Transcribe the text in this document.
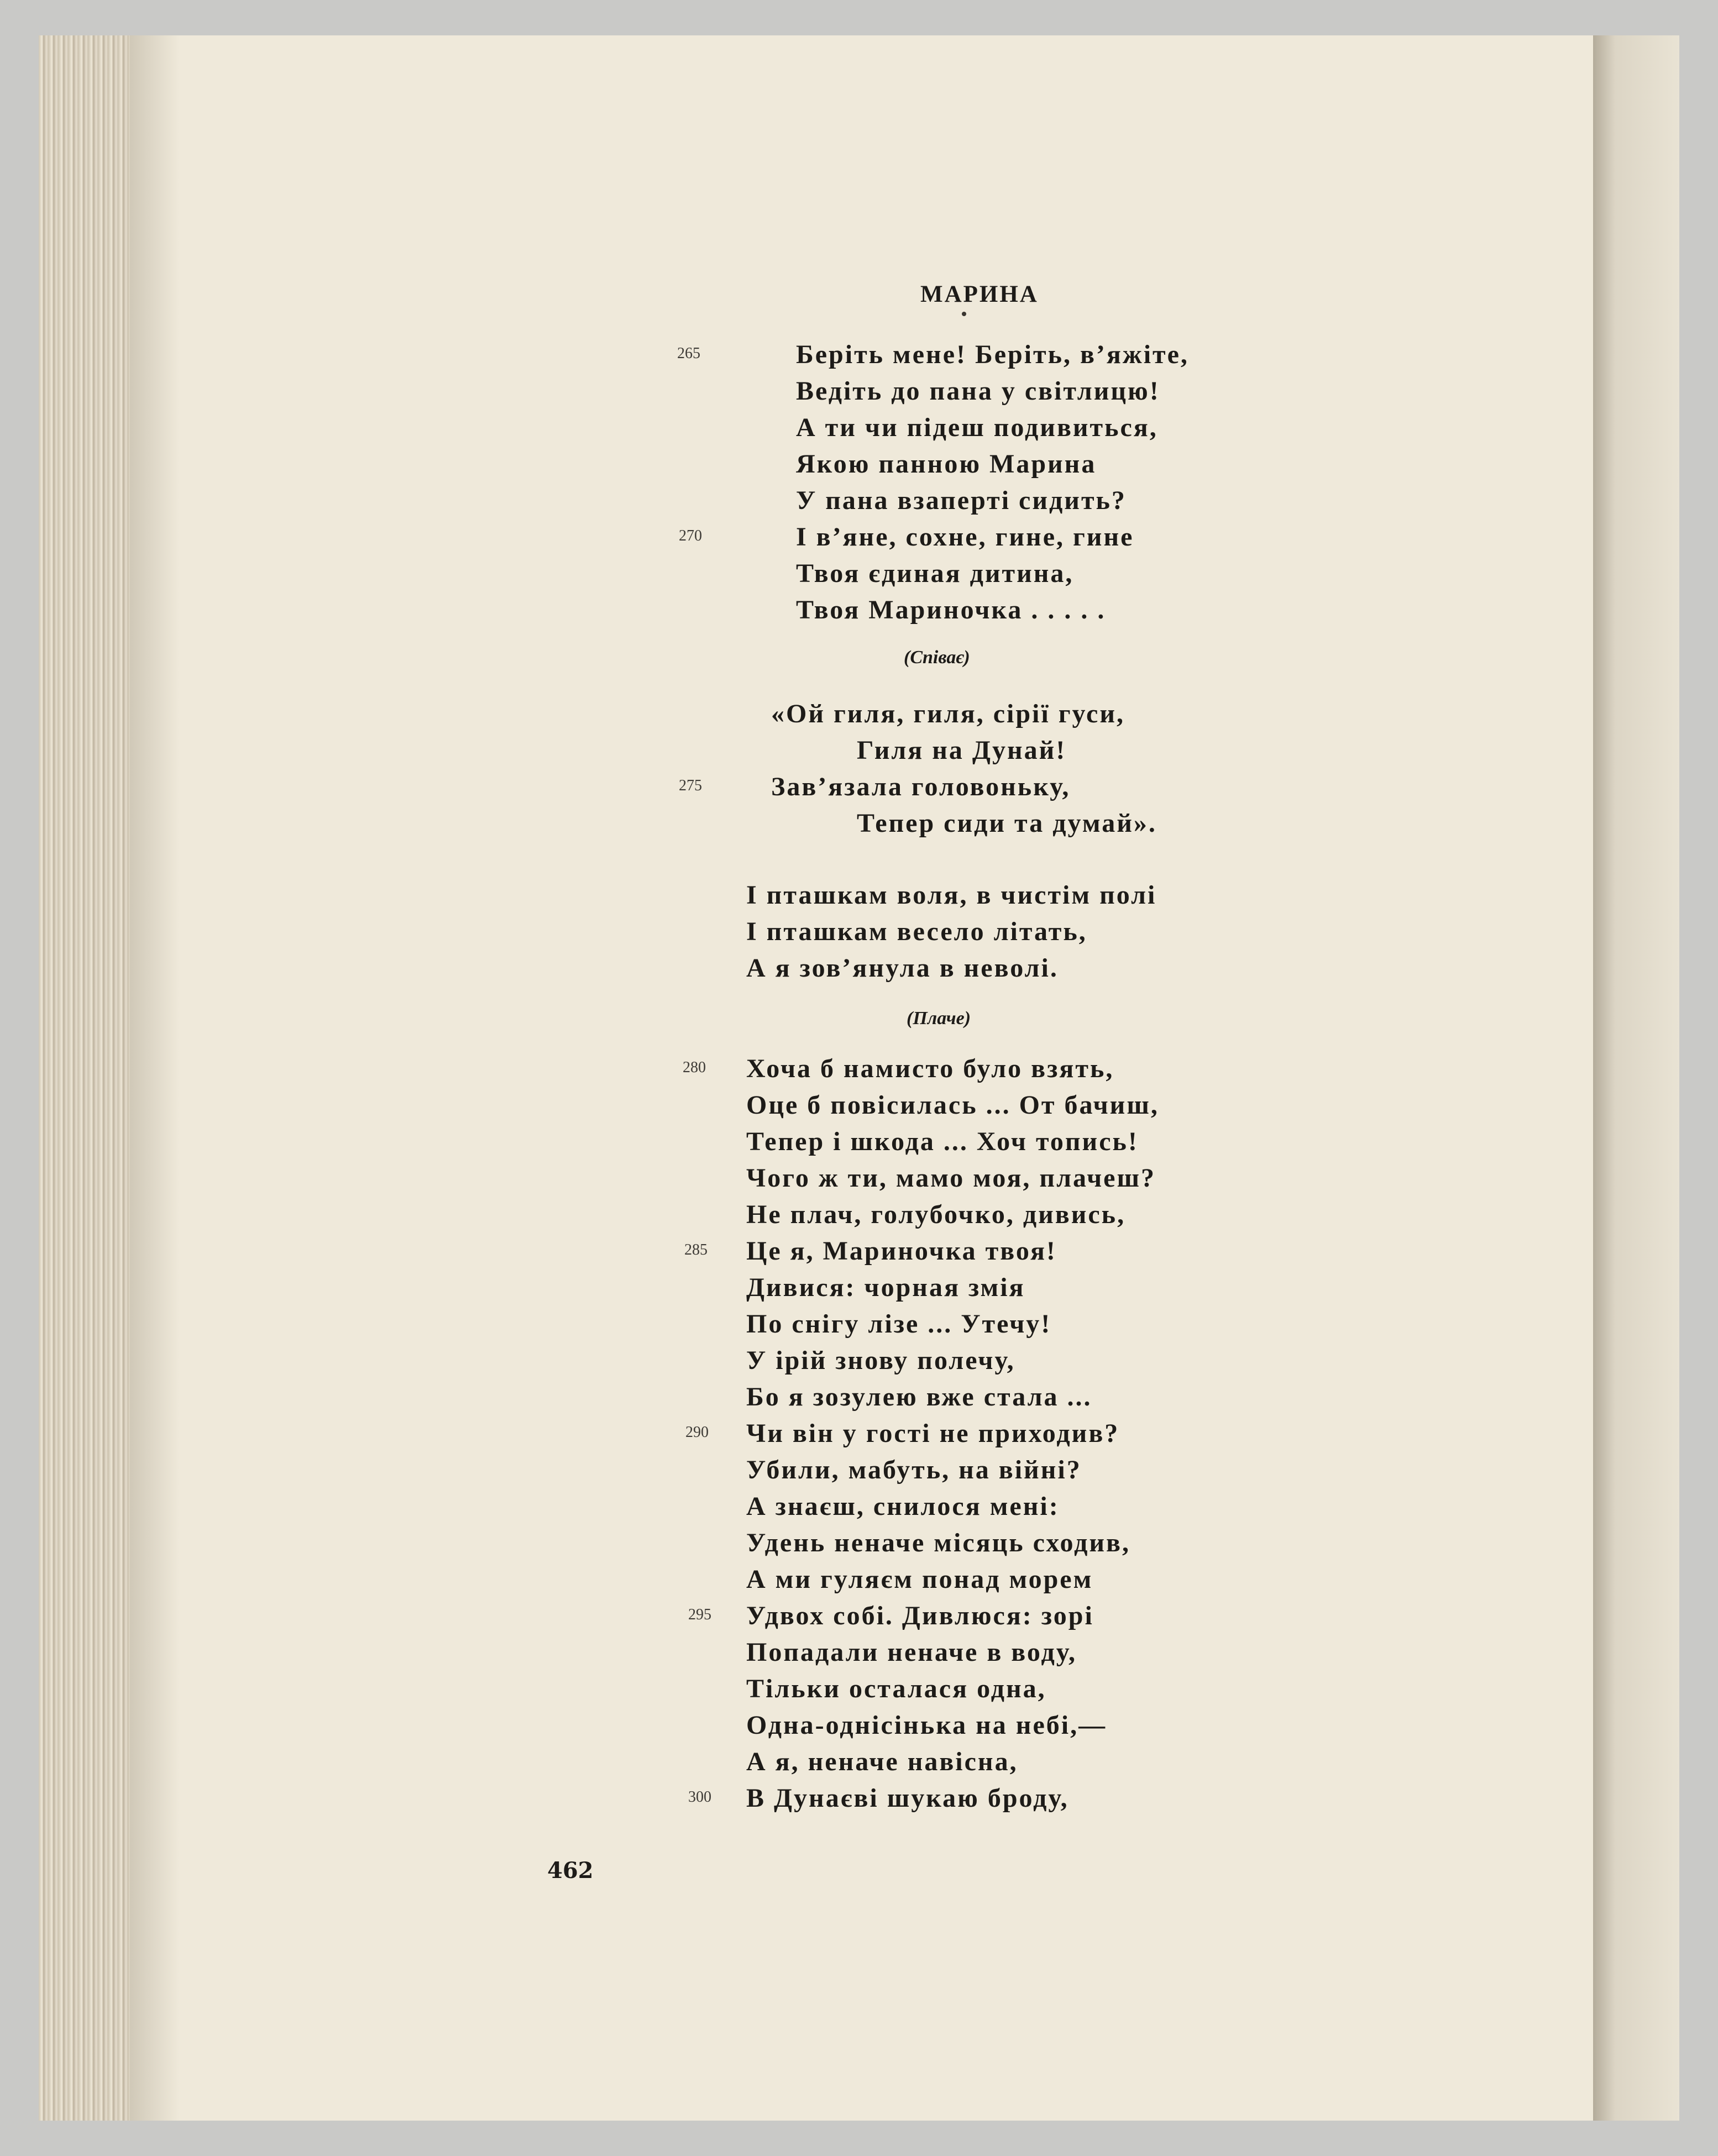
МАРИНА
Беріть мене! Беріть, в’яжіте,
Ведіть до пана у світлицю!
А ти чи підеш подивиться,
Якою панною Марина
У пана взаперті сидить?
І в’яне, сохне, гине, гине
Твоя єдиная дитина,
Твоя Мариночка . . . . .
(Співає)
«Ой гиля, гиля, сірії гуси,
Гиля на Дунай!
Зав’язала головоньку,
Тепер сиди та думай».
І пташкам воля, в чистім полі
І пташкам весело літать,
А я зов’янула в неволі.
(Плаче)
Хоча б намисто було взять,
Оце б повісилась ... От бачиш,
Тепер і шкода ... Хоч топись!
Чого ж ти, мамо моя, плачеш?
Не плач, голубочко, дивись,
Це я, Мариночка твоя!
Дивися: чорная змія
По снігу лізе ... Утечу!
У ірій знову полечу,
Бо я зозулею вже стала ...
Чи він у гості не приходив?
Убили, мабуть, на війні?
А знаєш, снилося мені:
Удень неначе місяць сходив,
А ми гуляєм понад морем
Удвох собі. Дивлюся: зорі
Попадали неначе в воду,
Тільки осталася одна,
Одна-однісінька на небі,—
А я, неначе навісна,
В Дунаєві шукаю броду,
265
270
275
280
285
290
295
300
462
